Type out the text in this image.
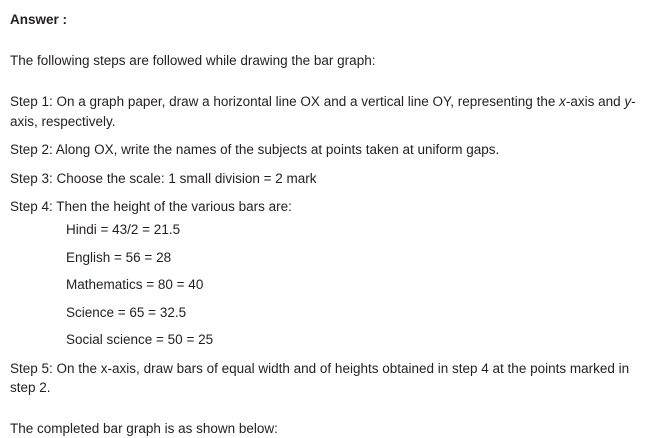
Answer :
The following steps are followed while drawing the bar graph:
Step 1: On a graph paper, draw a horizontal line OX and a vertical line OY, representing the x-axis and y-axis, respectively.
Step 2: Along OX, write the names of the subjects at points taken at uniform gaps.
Step 3: Choose the scale: 1 small division = 2 mark
Step 4: Then the height of the various bars are:
Hindi = 43/2 = 21.5
English = 56 = 28
Mathematics = 80 = 40
Science = 65 = 32.5
Social science = 50 = 25
Step 5: On the x-axis, draw bars of equal width and of heights obtained in step 4 at the points marked in step 2.
The completed bar graph is as shown below:
